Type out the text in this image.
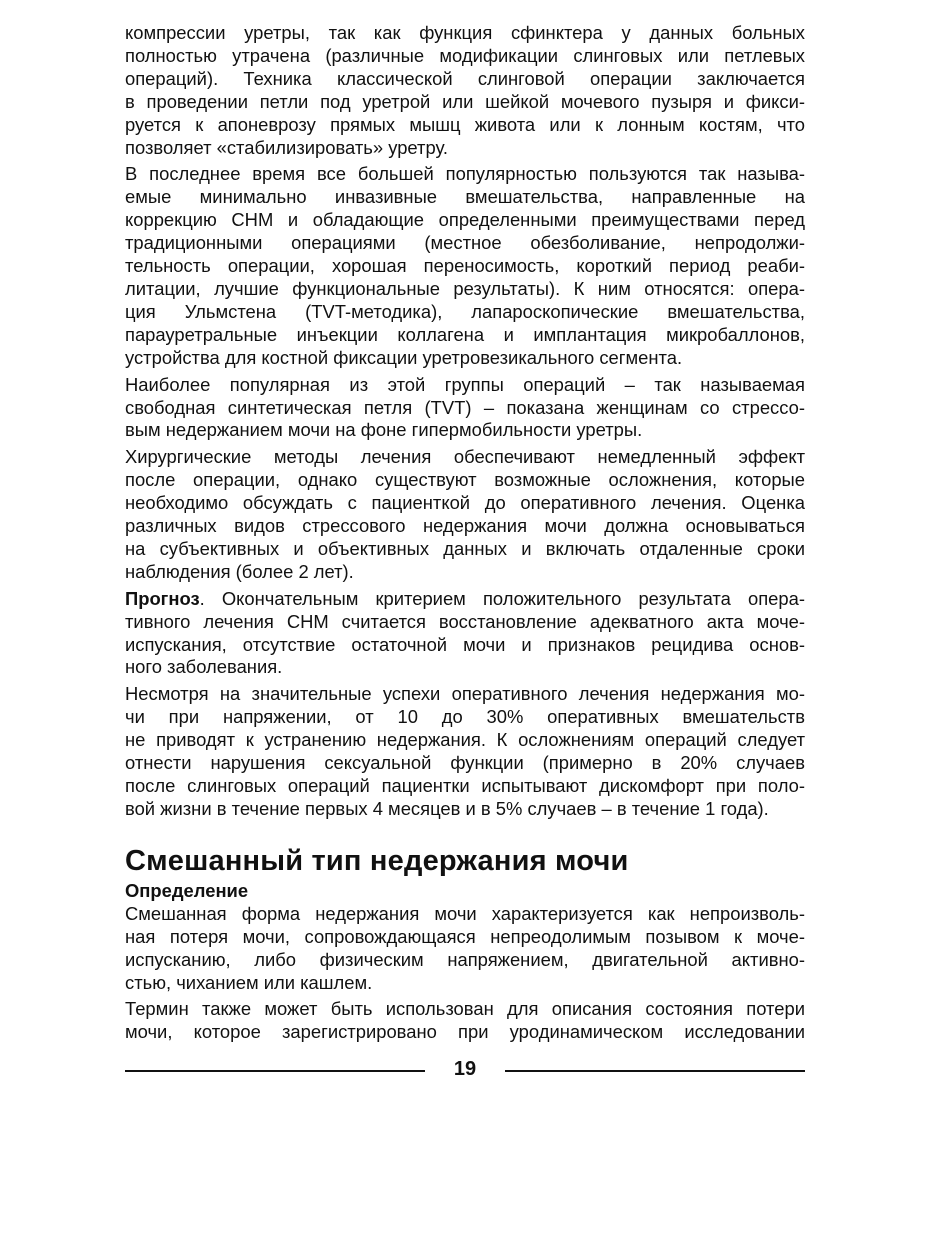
компрессии уретры, так как функция сфинктера у данных больных
полностью утрачена (различные модификации слинговых или петлевых
операций). Техника классической слинговой операции заключается
в проведении петли под уретрой или шейкой мочевого пузыря и фикси-
руется к апоневрозу прямых мышц живота или к лонным костям, что
позволяет «стабилизировать» уретру.

В последнее время все большей популярностью пользуются так называ-
емые минимально инвазивные вмешательства, направленные на
коррекцию СНМ и обладающие определенными преимуществами перед
традиционными операциями (местное обезболивание, непродолжи-
тельность операции, хорошая переносимость, короткий период реаби-
литации, лучшие функциональные результаты). К ним относятся: опера-
ция Ульмстена (TVT-методика), лапароскопические вмешательства,
парауретральные инъекции коллагена и имплантация микробаллонов,
устройства для костной фиксации уретровезикального сегмента.

Наиболее популярная из этой группы операций – так называемая
свободная синтетическая петля (TVT) – показана женщинам со стрессо-
вым недержанием мочи на фоне гипермобильности уретры.

Хирургические методы лечения обеспечивают немедленный эффект
после операции, однако существуют возможные осложнения, которые
необходимо обсуждать с пациенткой до оперативного лечения. Оценка
различных видов стрессового недержания мочи должна основываться
на субъективных и объективных данных и включать отдаленные сроки
наблюдения (более 2 лет).

Прогноз. Окончательным критерием положительного результата опера-
тивного лечения СНМ считается восстановление адекватного акта моче-
испускания, отсутствие остаточной мочи и признаков рецидива основ-
ного заболевания.

Несмотря на значительные успехи оперативного лечения недержания мо-
чи при напряжении, от 10 до 30% оперативных вмешательств
не приводят к устранению недержания. К осложнениям операций следует
отнести нарушения сексуальной функции (примерно в 20% случаев
после слинговых операций пациентки испытывают дискомфорт при поло-
вой жизни в течение первых 4 месяцев и в 5% случаев – в течение 1 года).

Смешанный тип недержания мочи
Определение

Смешанная форма недержания мочи характеризуется как непроизволь-
ная потеря мочи, сопровождающаяся непреодолимым позывом к моче-
испусканию, либо физическим напряжением, двигательной активно-
стью, чиханием или кашлем.

Термин также может быть использован для описания состояния потери
мочи, которое зарегистрировано при уродинамическом исследовании

19
